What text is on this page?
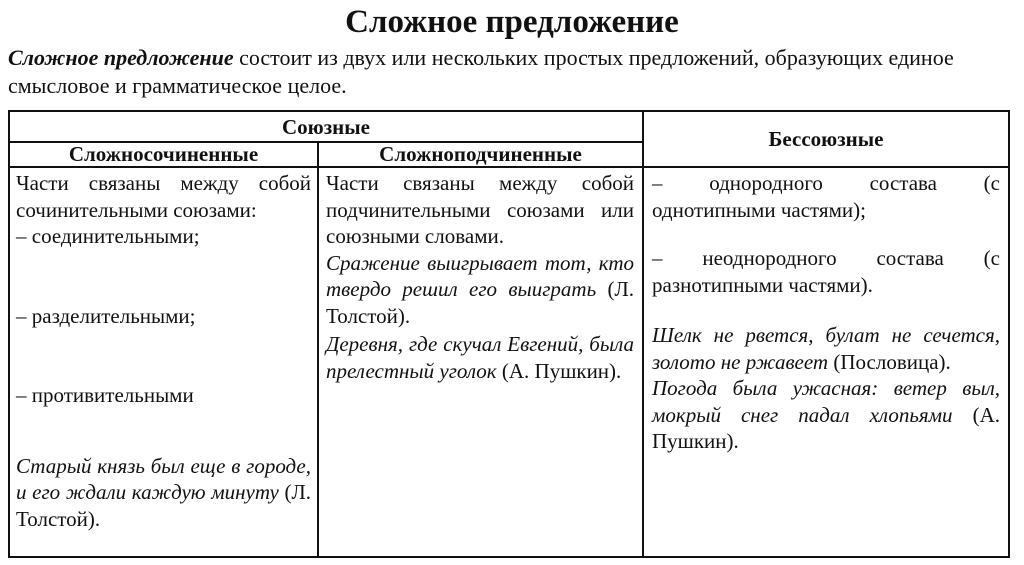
Сложное предложение
Сложное предложение состоит из двух или нескольких простых предложений, образующих единое смысловое и грамматическое целое.
Союзные
Сложносочиненные	Сложноподчиненные
Бессоюзные

Части связаны между собой сочинительными союзами:

– соединительными;

– разделительными;

– противительными

Старый князь был еще в городе, и его ждали каждую минуту (Л. Толстой).

Части связаны между собой подчинительными союзами или союзными словами.

Сражение выигрывает тот, кто твердо решил его выиграть (Л. Толстой).

Деревня, где скучал Евгений, была прелестный уголок (А. Пушкин).

– однородного состава (с однотипными частями);

– неоднородного состава (с разнотипными частями).

Шелк не рвется, булат не сечется, золото не ржавеет (Пословица).

Погода была ужасная: ветер выл, мокрый снег падал хлопьями (А. Пушкин).
